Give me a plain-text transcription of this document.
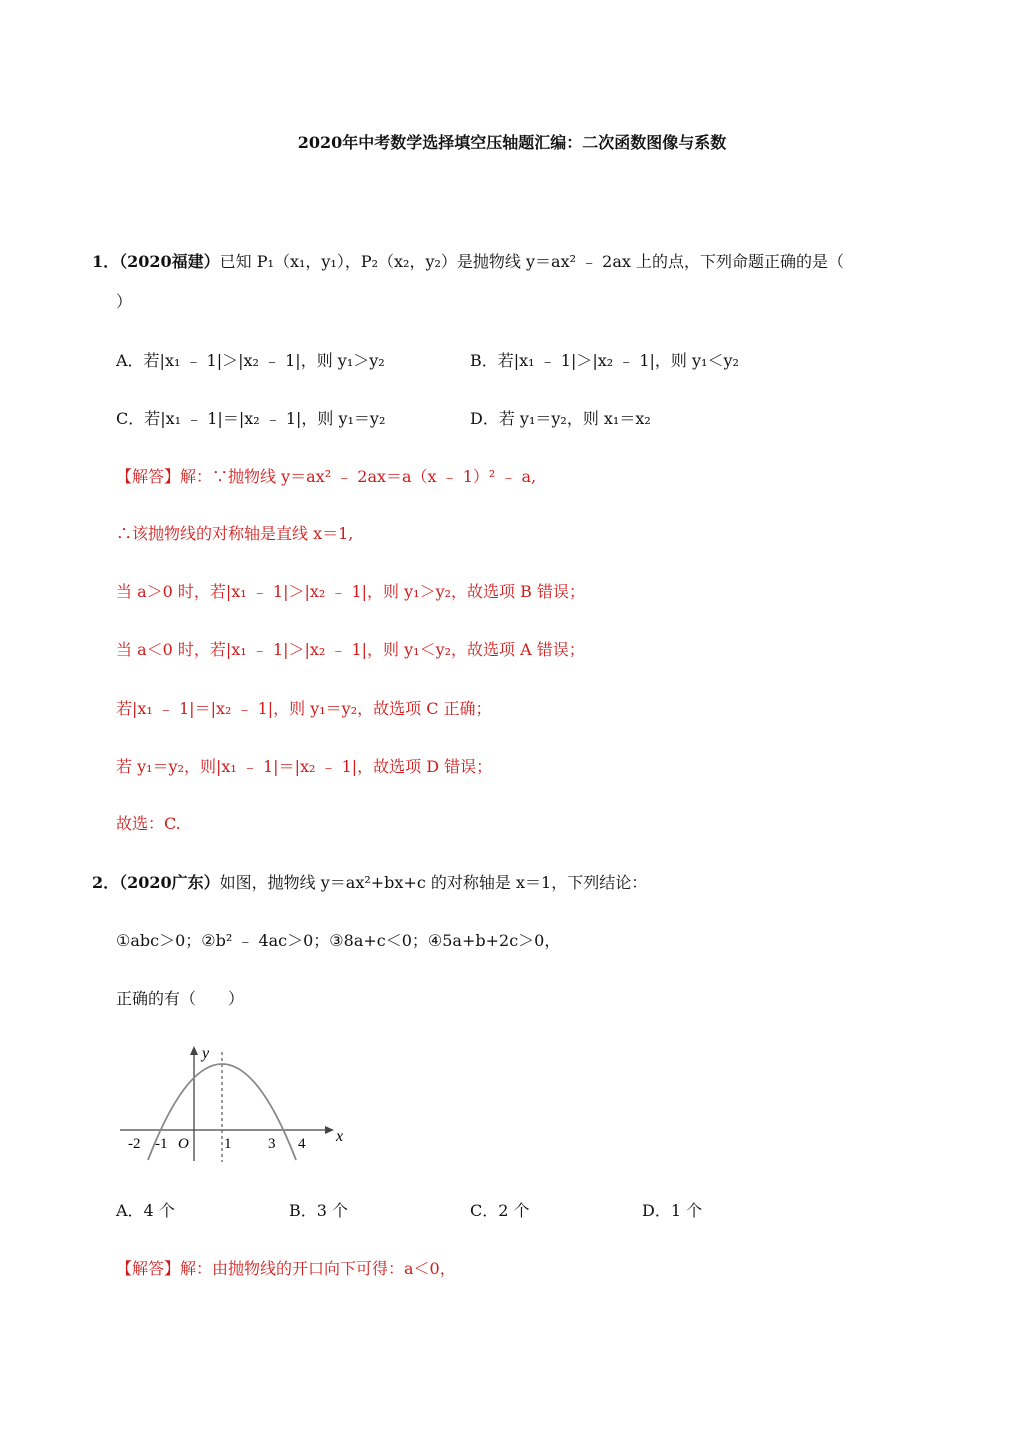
2020年中考数学选择填空压轴题汇编：二次函数图像与系数
1．（2020福建）已知 P₁（x₁，y₁），P₂（x₂，y₂）是抛物线 y＝ax² ﹣ 2ax 上的点，下列命题正确的是（
）
A．若|x₁ ﹣ 1|＞|x₂ ﹣ 1|，则 y₁＞y₂	B．若|x₁ ﹣ 1|＞|x₂ ﹣ 1|，则 y₁＜y₂
C．若|x₁ ﹣ 1|＝|x₂ ﹣ 1|，则 y₁＝y₂	D．若 y₁＝y₂，则 x₁＝x₂
【解答】解：∵抛物线 y＝ax² ﹣ 2ax＝a（x ﹣ 1）² ﹣ a,
∴该抛物线的对称轴是直线 x＝1,
当 a＞0 时，若|x₁ ﹣ 1|＞|x₂ ﹣ 1|，则 y₁＞y₂，故选项 B 错误；
当 a＜0 时，若|x₁ ﹣ 1|＞|x₂ ﹣ 1|，则 y₁＜y₂，故选项 A 错误；
若|x₁ ﹣ 1|＝|x₂ ﹣ 1|，则 y₁＝y₂，故选项 C 正确；
若 y₁＝y₂，则|x₁ ﹣ 1|＝|x₂ ﹣ 1|，故选项 D 错误；
故选：C.
2．（2020广东）如图，抛物线 y＝ax²+bx+c 的对称轴是 x＝1，下列结论：
①abc＞0；②b² ﹣ 4ac＞0；③8a+c＜0；④5a+b+2c＞0，
正确的有（　　）
y
x
O
-2 -1	1 3 4
A．4 个	B．3 个	C．2 个	D．1 个
【解答】解：由抛物线的开口向下可得：a＜0，
